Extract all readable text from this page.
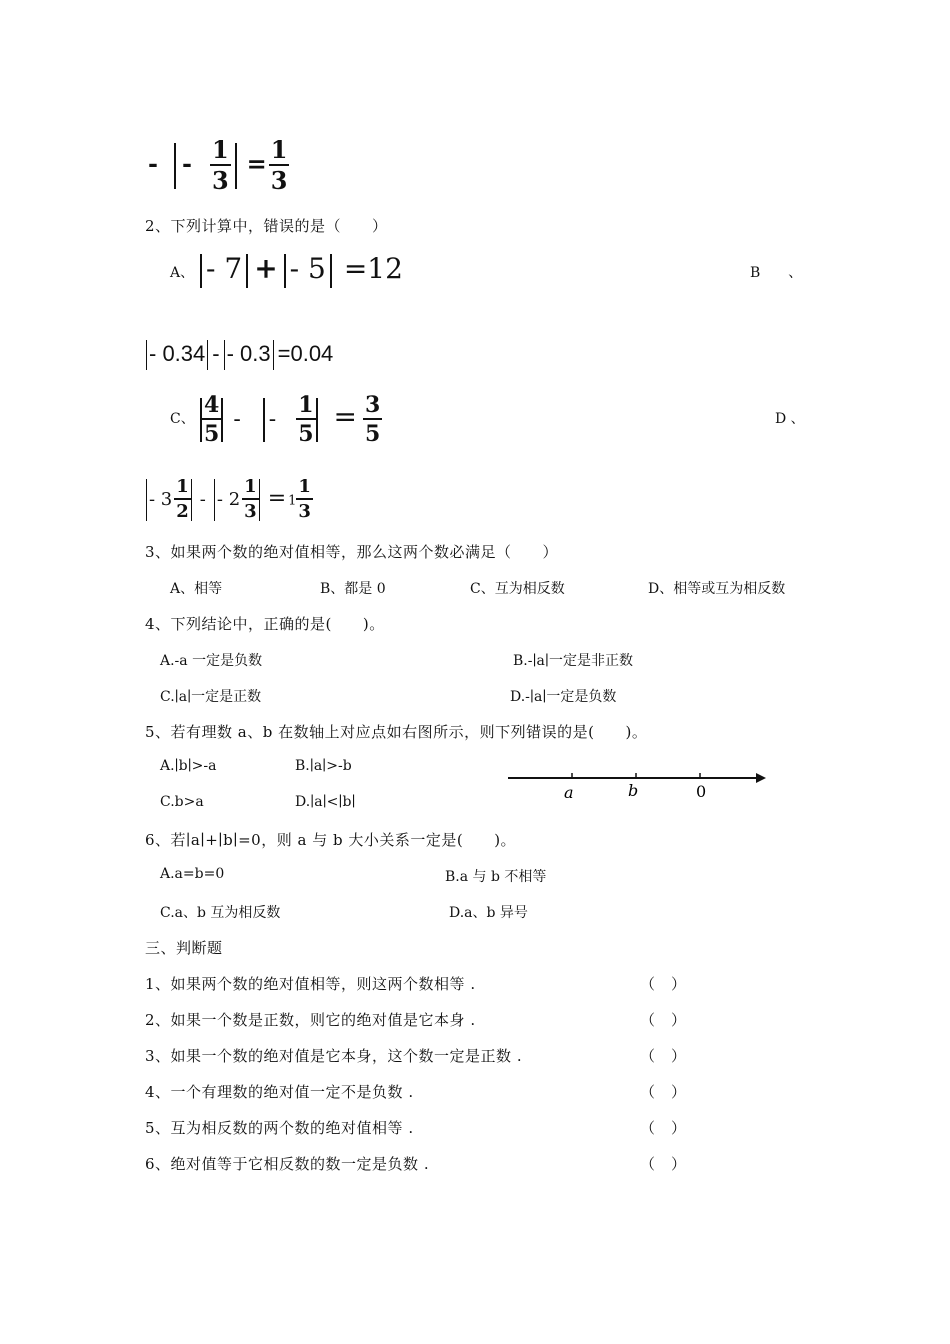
- - $\frac{1}{3} = \frac{1}{3}$
2、下列计算中，错误的是（　　）
A、 - 7 + - 5 =12	B　　、
- 0.34 - - 0.3 =0.04
C、 $\frac{4}{5}$ - - $\frac{1}{5} = \frac{3}{5}$	D 、
- $3 \frac{1}{2}$ - - $2 \frac{1}{3} = 1 \frac{1}{3}$
3、如果两个数的绝对值相等，那么这两个数必满足（　　）
A、相等	B、都是 0	C、互为相反数	D、相等或互为相反数
4、下列结论中，正确的是(　　)。
A.-a 一定是负数	B.-∣a∣一定是非正数
C.∣a∣一定是正数	D.-∣a∣一定是负数
5、若有理数 a、b 在数轴上对应点如右图所示，则下列错误的是(　　)。
A.∣b∣>-a	B.∣a∣>-b
C.b>a	D.∣a∣<∣b∣	a	b	0
6、若∣a∣+∣b∣=0，则 a 与 b 大小关系一定是(　　)。
A.a=b=0	B.a 与 b 不相等
C.a、b 互为相反数	D.a、b 异号
三、判断题
1、如果两个数的绝对值相等，则这两个数相等 .	（　）
2、如果一个数是正数，则它的绝对值是它本身 .	（　）
3、如果一个数的绝对值是它本身，这个数一定是正数 .	（　）
4、一个有理数的绝对值一定不是负数 .	（　）
5、互为相反数的两个数的绝对值相等 .	（　）
6、绝对值等于它相反数的数一定是负数 .	（　）
